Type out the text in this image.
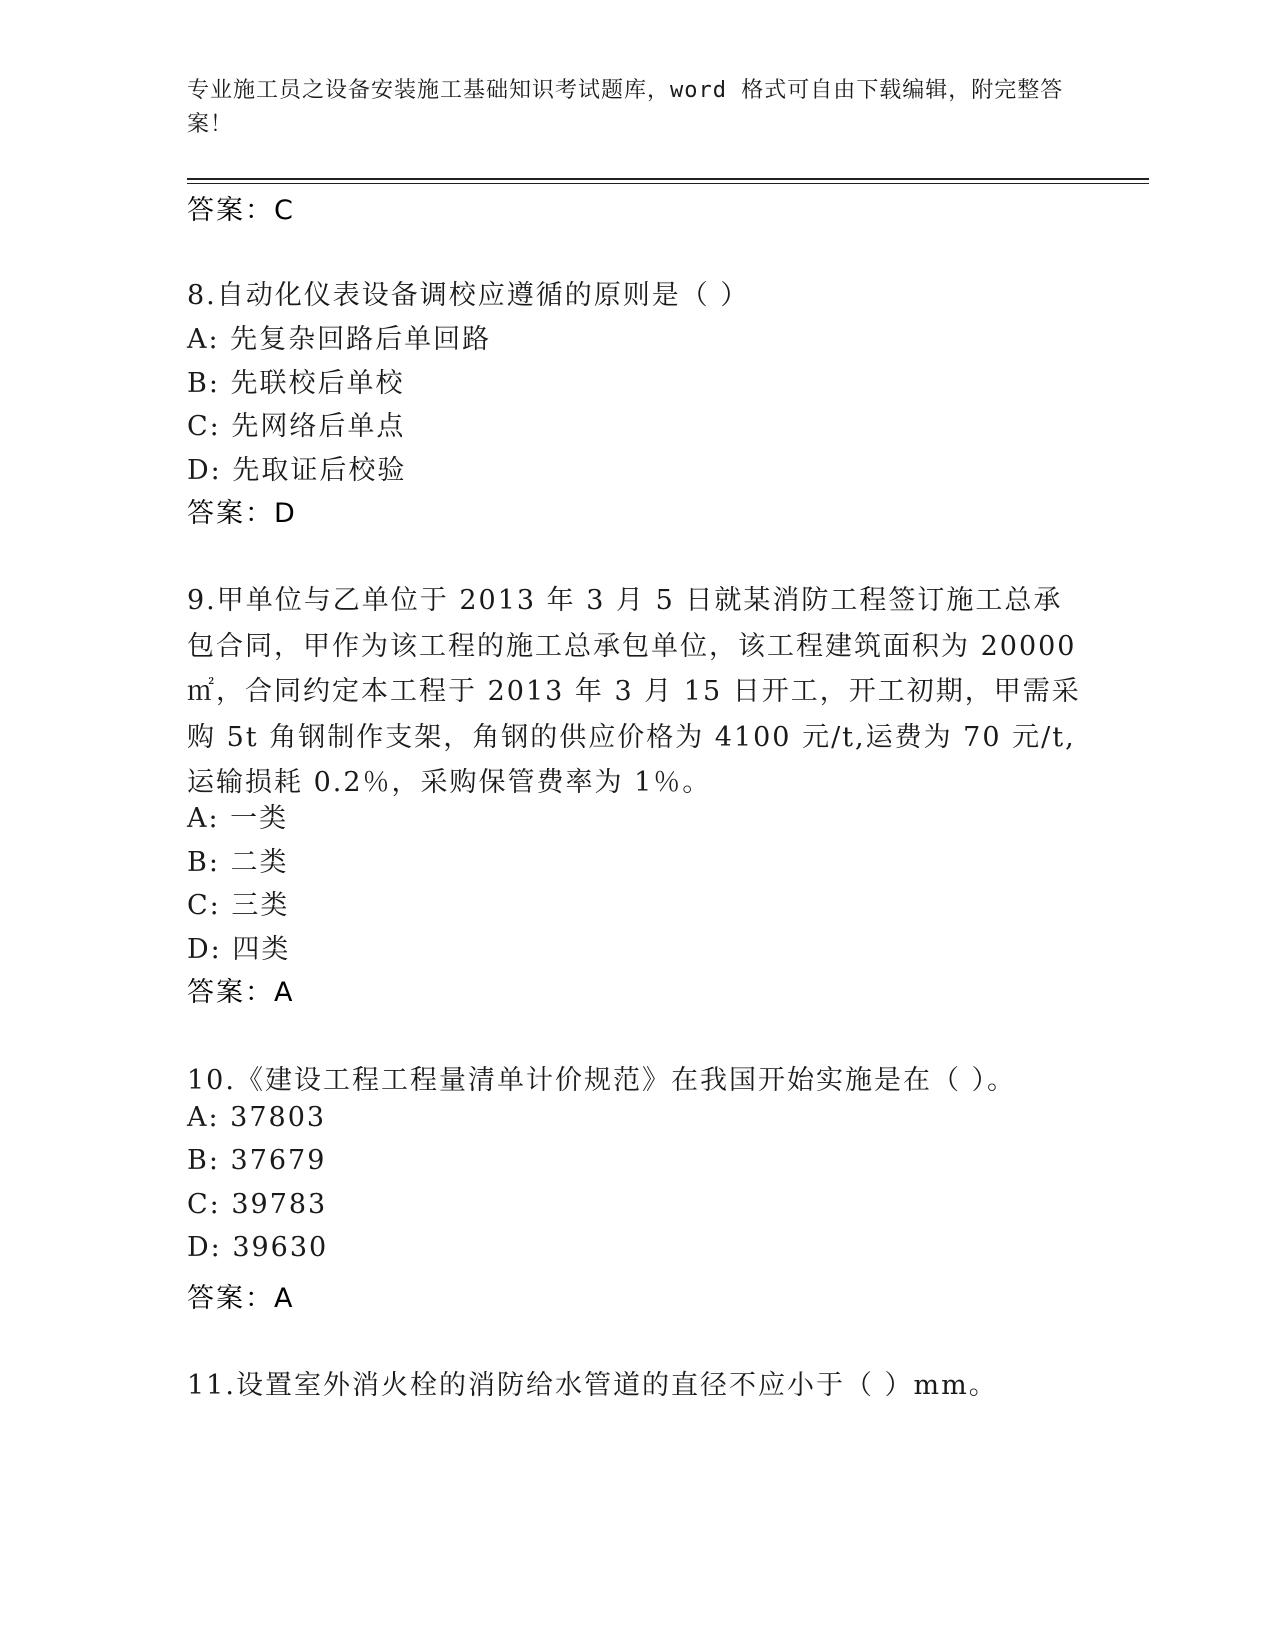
专业施工员之设备安装施工基础知识考试题库，word 格式可自由下载编辑，附完整答案！
答案：C
8.自动化仪表设备调校应遵循的原则是（ ）
A: 先复杂回路后单回路
B: 先联校后单校
C: 先网络后单点
D: 先取证后校验
答案：D
9.甲单位与乙单位于 2013 年 3 月 5 日就某消防工程签订施工总承包合同，甲作为该工程的施工总承包单位，该工程建筑面积为 20000㎡，合同约定本工程于 2013 年 3 月 15 日开工，开工初期，甲需采购 5t 角钢制作支架，角钢的供应价格为 4100 元/t,运费为 70 元/t,运输损耗 0.2％，采购保管费率为 1％。
A: 一类
B: 二类
C: 三类
D: 四类
答案：A
10.《建设工程工程量清单计价规范》在我国开始实施是在（ ）。
A: 37803
B: 37679
C: 39783
D: 39630
答案：A
11.设置室外消火栓的消防给水管道的直径不应小于（ ）mm。
